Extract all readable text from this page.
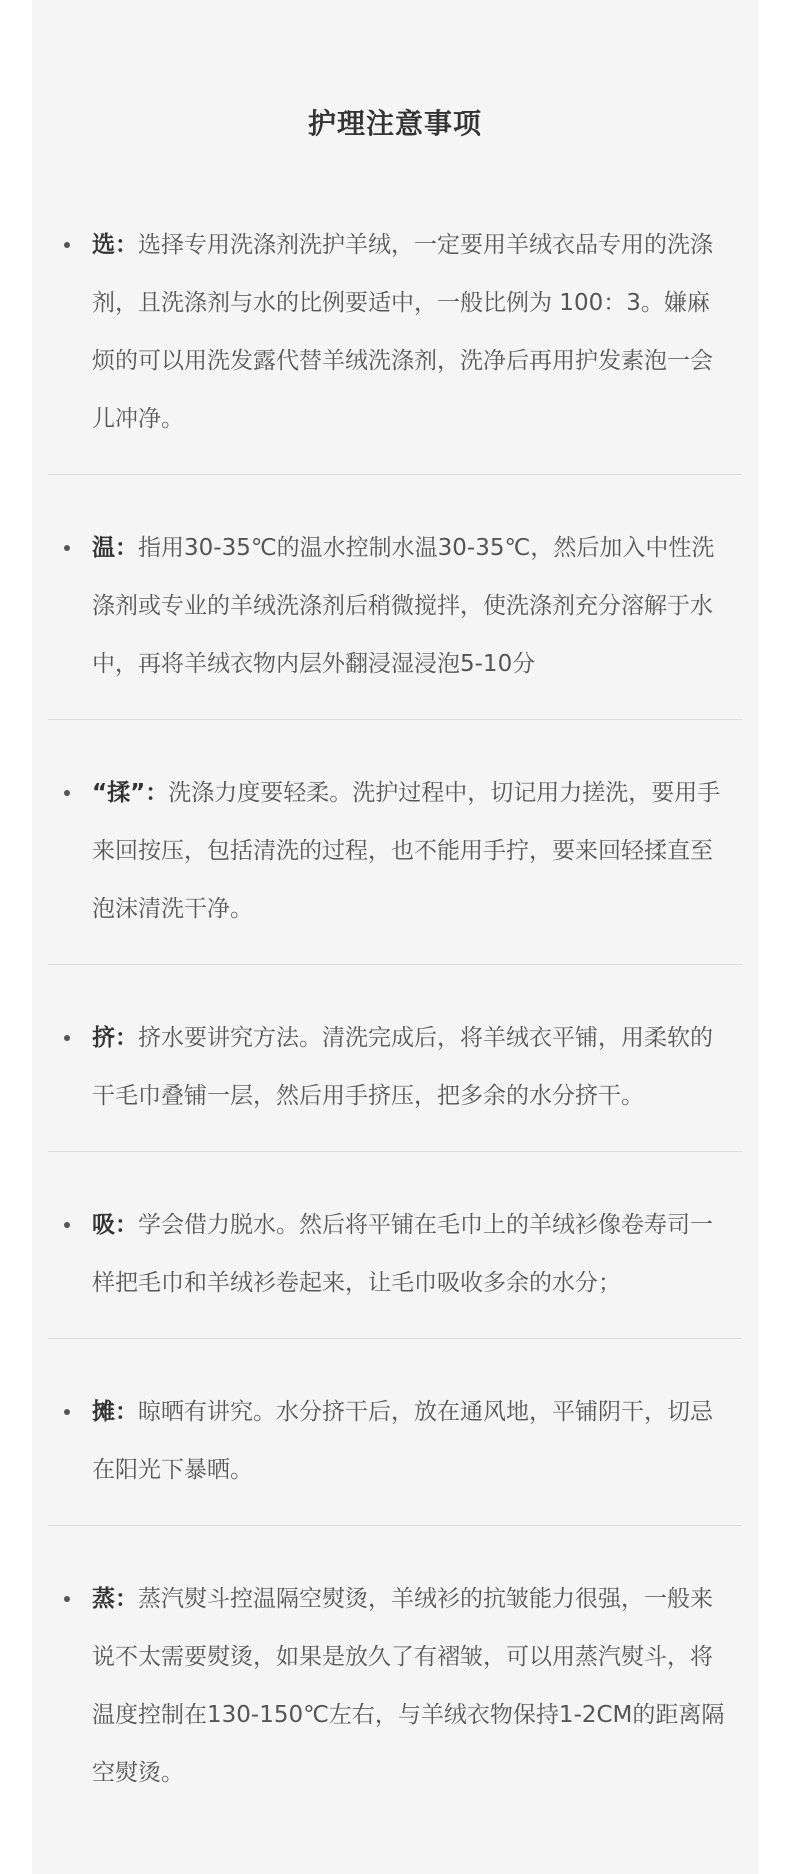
护理注意事项
选：选择专用洗涤剂洗护羊绒，一定要用羊绒衣品专用的洗涤剂，且洗涤剂与水的比例要适中，一般比例为 100：3。嫌麻烦的可以用洗发露代替羊绒洗涤剂，洗净后再用护发素泡一会儿冲净。
温：指用30-35℃的温水控制水温30-35℃，然后加入中性洗涤剂或专业的羊绒洗涤剂后稍微搅拌，使洗涤剂充分溶解于水中，再将羊绒衣物内层外翻浸湿浸泡5-10分
“揉”：洗涤力度要轻柔。洗护过程中，切记用力搓洗，要用手来回按压，包括清洗的过程，也不能用手拧，要来回轻揉直至泡沫清洗干净。
挤：挤水要讲究方法。清洗完成后，将羊绒衣平铺，用柔软的干毛巾叠铺一层，然后用手挤压，把多余的水分挤干。
吸：学会借力脱水。然后将平铺在毛巾上的羊绒衫像卷寿司一样把毛巾和羊绒衫卷起来，让毛巾吸收多余的水分；
摊：晾晒有讲究。水分挤干后，放在通风地，平铺阴干，切忌在阳光下暴晒。
蒸：蒸汽熨斗控温隔空熨烫，羊绒衫的抗皱能力很强，一般来说不太需要熨烫，如果是放久了有褶皱，可以用蒸汽熨斗，将温度控制在130-150℃左右，与羊绒衣物保持1-2CM的距离隔空熨烫。
